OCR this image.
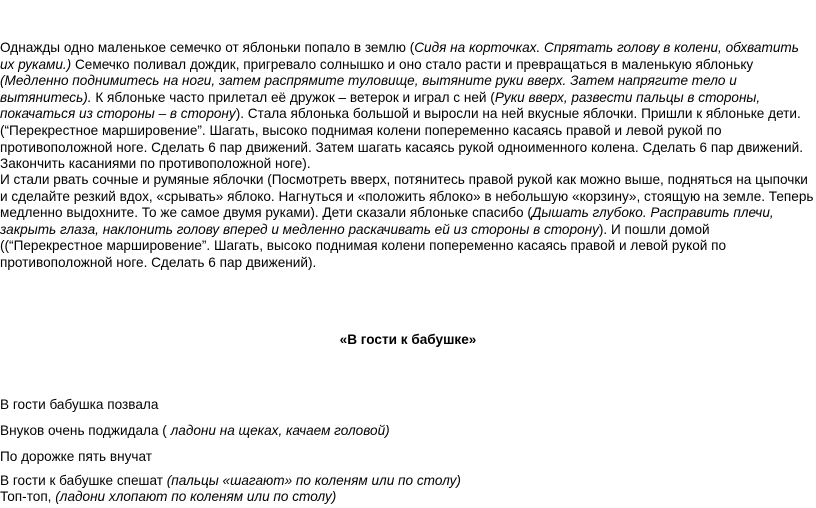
Однажды одно маленькое семечко от яблоньки попало в землю (Сидя на корточках. Спрятать голову в колени, обхватить их руками.) Семечко поливал дождик, пригревало солнышко и оно стало расти и превращаться в маленькую яблоньку (Медленно поднимитесь на ноги, затем распрямите туловище, вытяните руки вверх. Затем напрягите тело и вытянитесь). К яблоньке часто прилетал её дружок – ветерок и играл с ней (Руки вверх, развести пальцы в стороны, покачаться из стороны – в сторону). Стала яблонька большой и выросли на ней вкусные яблочки. Пришли к яблоньке дети. (“Перекрестное маршировение”. Шагать, высоко поднимая колени попеременно касаясь правой и левой рукой по противоположной ноге. Сделать 6 пар движений. Затем шагать касаясь рукой одноименного колена. Сделать 6 пар движений. Закончить касаниями по противоположной ноге).

И стали рвать сочные и румяные яблочки (Посмотреть вверх, потянитесь правой рукой как можно выше, подняться на цыпочки и сделайте резкий вдох, «срывать» яблоко. Нагнуться и «положить яблоко» в небольшую «корзину», стоящую на земле. Теперь медленно выдохните. То же самое двумя руками). Дети сказали яблоньке спасибо (Дышать глубоко. Расправить плечи, закрыть глаза, наклонить голову вперед и медленно раскачивать ей из стороны в сторону). И пошли домой ((“Перекрестное маршировение”. Шагать, высоко поднимая колени попеременно касаясь правой и левой рукой по противоположной ноге. Сделать 6 пар движений).

«В гости к бабушке»

В гости бабушка позвала

Внуков очень поджидала ( ладони на щеках, качаем головой)

По дорожке пять внучат

В гости к бабушке спешат (пальцы «шагают» по коленям или по столу)

Топ-топ, (ладони хлопают по коленям или по столу)
